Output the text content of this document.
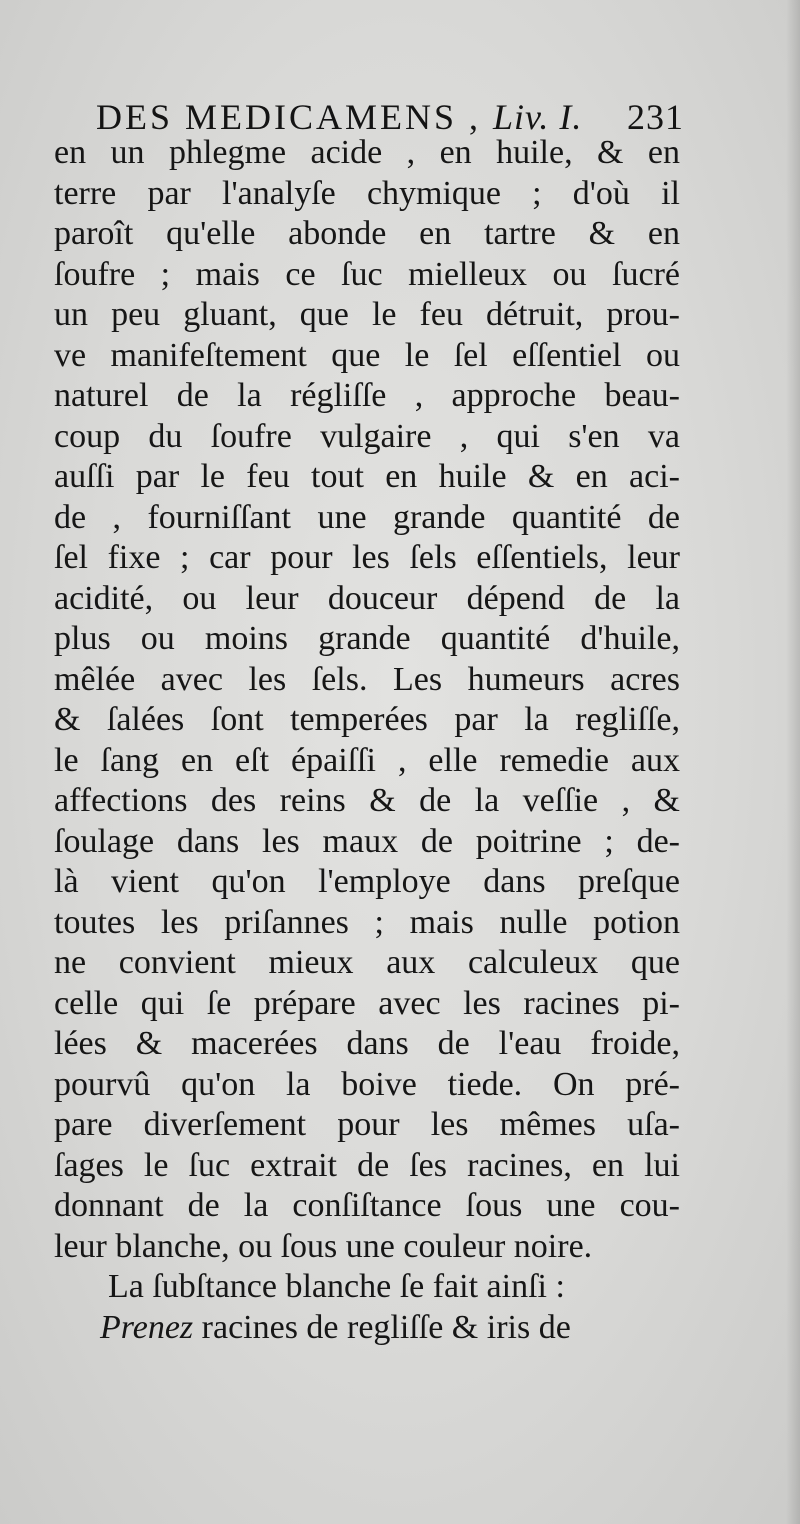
DES MEDICAMENS , Liv. I. 231
en un phlegme acide , en huile, & en
terre par l'analyſe chymique ; d'où il
paroît qu'elle abonde en tartre & en
ſoufre ; mais ce ſuc mielleux ou ſucré
un peu gluant, que le feu détruit, prou-
ve manifeſtement que le ſel eſſentiel ou
naturel de la régliſſe , approche beau-
coup du ſoufre vulgaire , qui s'en va
auſſi par le feu tout en huile & en aci-
de , fourniſſant une grande quantité de
ſel fixe ; car pour les ſels eſſentiels, leur
acidité, ou leur douceur dépend de la
plus ou moins grande quantité d'huile,
mêlée avec les ſels. Les humeurs acres
& ſalées ſont temperées par la regliſſe,
le ſang en eſt épaiſſi , elle remedie aux
affections des reins & de la veſſie , &
ſoulage dans les maux de poitrine ; de-
là vient qu'on l'employe dans preſque
toutes les priſannes ; mais nulle potion
ne convient mieux aux calculeux que
celle qui ſe prépare avec les racines pi-
lées & macerées dans de l'eau froide,
pourvû qu'on la boive tiede. On pré-
pare diverſement pour les mêmes uſa-
ſages le ſuc extrait de ſes racines, en lui
donnant de la conſiſtance ſous une cou-
leur blanche, ou ſous une couleur noire.
La ſubſtance blanche ſe fait ainſi :
Prenez racines de regliſſe & iris de
